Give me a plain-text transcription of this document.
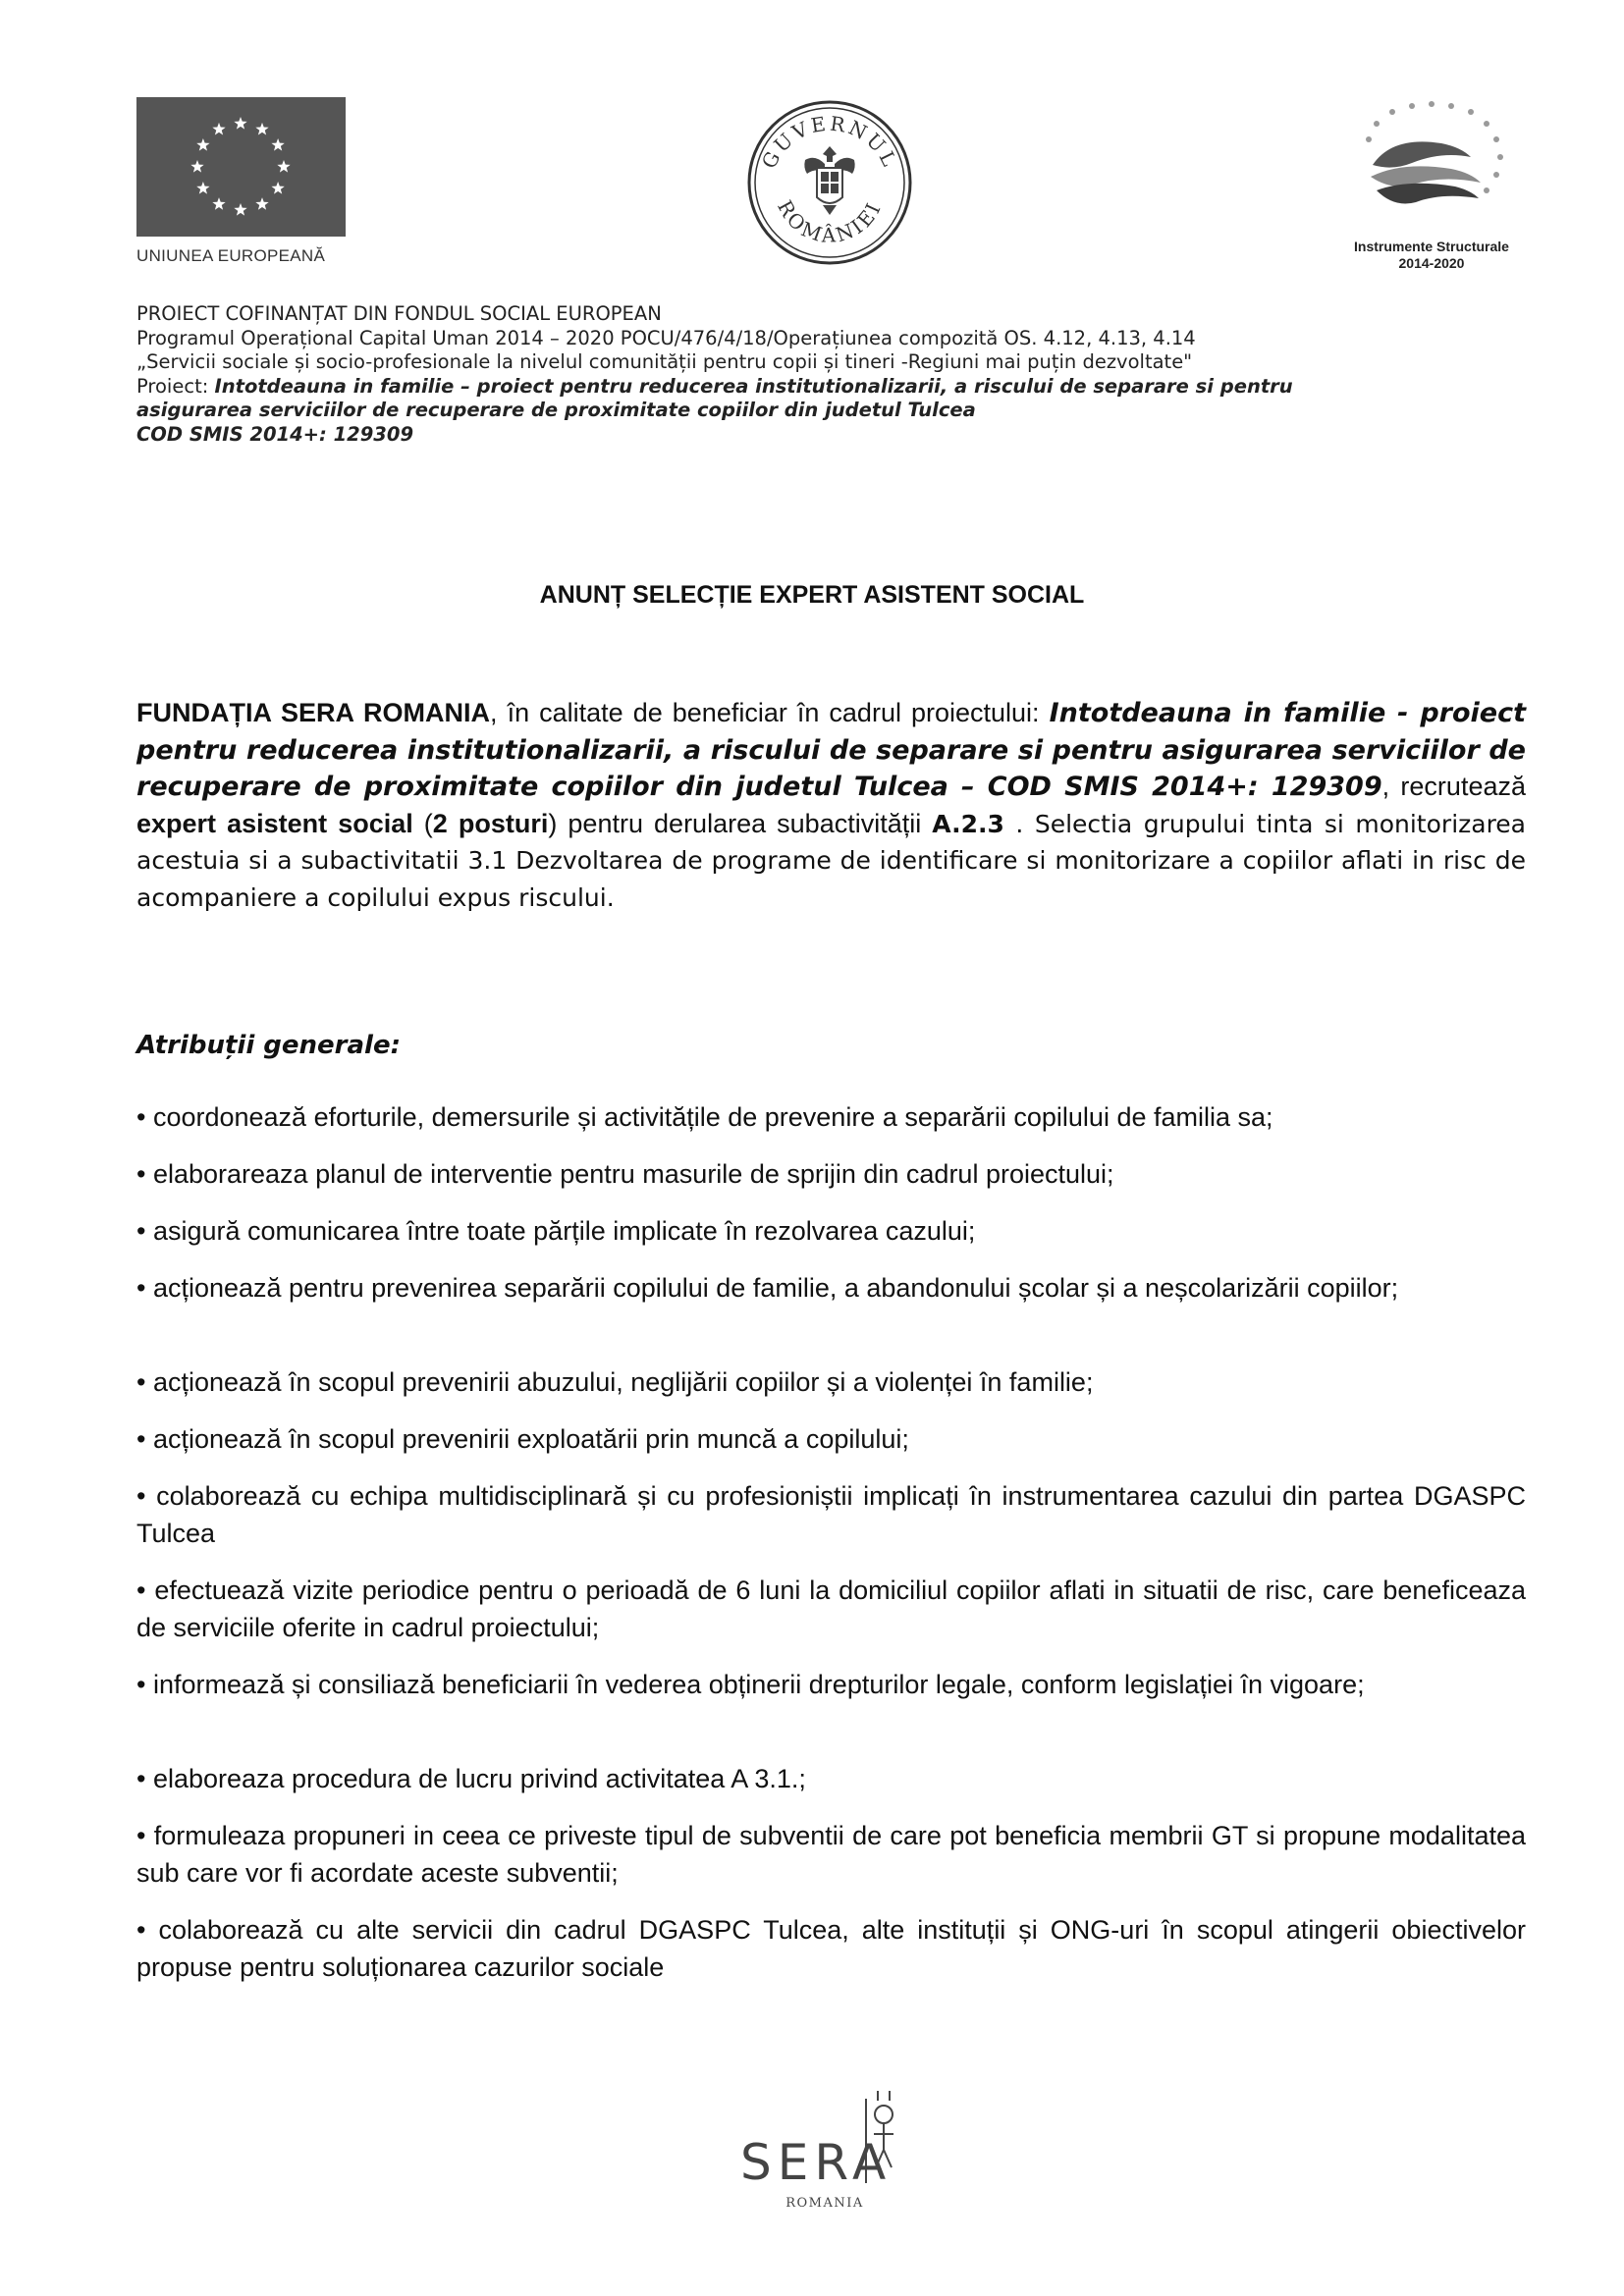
UNIUNEA EUROPEANĂ
GUVERNUL
ROMÂNIEI
Instrumente Structurale
2014-2020
PROIECT COFINANȚAT DIN FONDUL SOCIAL EUROPEAN
Programul Operațional Capital Uman 2014 – 2020 POCU/476/4/18/Operațiunea compozită OS. 4.12, 4.13, 4.14
„Servicii sociale și socio-profesionale la nivelul comunității pentru copii și tineri -Regiuni mai puțin dezvoltate"
Proiect: Intotdeauna in familie – proiect pentru reducerea institutionalizarii, a riscului de separare si pentru
asigurarea serviciilor de recuperare de proximitate copiilor din judetul Tulcea
COD SMIS 2014+: 129309
ANUNȚ SELECȚIE EXPERT ASISTENT SOCIAL
FUNDAȚIA SERA ROMANIA, în calitate de beneficiar în cadrul proiectului: Intotdeauna in familie - proiect pentru reducerea institutionalizarii, a riscului de separare si pentru asigurarea serviciilor de recuperare de proximitate copiilor din judetul Tulcea – COD SMIS 2014+: 129309, recrutează expert asistent social (2 posturi) pentru derularea subactivității A.2.3 . Selectia grupului tinta si monitorizarea acestuia si a subactivitatii 3.1 Dezvoltarea de programe de identificare si monitorizare a copiilor aflati in risc de acompaniere a copilului expus riscului.
Atribuții generale:
• coordonează eforturile, demersurile și activitățile de prevenire a separării copilului de familia sa;
• elaborareaza planul de interventie pentru masurile de sprijin din cadrul proiectului;
• asigură comunicarea între toate părțile implicate în rezolvarea cazului;
• acționează pentru prevenirea separării copilului de familie, a abandonului școlar și a neșcolarizării copiilor;
• acționează în scopul prevenirii abuzului, neglijării copiilor și a violenței în familie;
• acționează în scopul prevenirii exploatării prin muncă a copilului;
• colaborează cu echipa multidisciplinară și cu profesioniștii implicați în instrumentarea cazului din partea DGASPC Tulcea
• efectuează vizite periodice pentru o perioadă de 6 luni la domiciliul copiilor aflati in situatii de risc, care beneficeaza de serviciile oferite in cadrul proiectului;
• informează și consiliază beneficiarii în vederea obținerii drepturilor legale, conform legislației în vigoare;
• elaboreaza procedura de lucru privind activitatea A 3.1.;
• formuleaza propuneri in ceea ce priveste tipul de subventii de care pot beneficia membrii GT si propune modalitatea sub care vor fi acordate aceste subventii;
• colaborează cu alte servicii din cadrul DGASPC Tulcea, alte instituții și ONG-uri în scopul atingerii obiectivelor propuse pentru soluționarea cazurilor sociale
SERA
ROMANIA
